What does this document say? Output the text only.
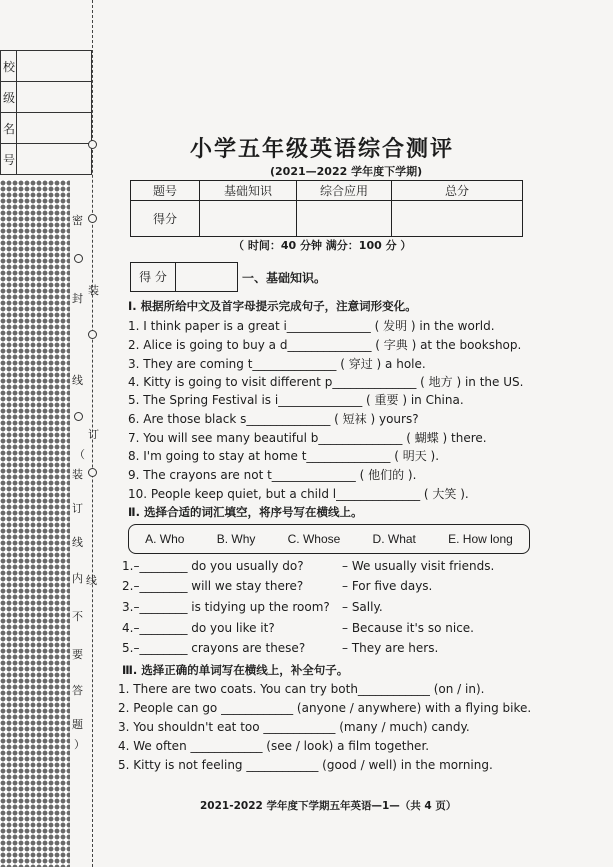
校	
级	
名	
号	
密
封
装
线
订
（
装
订
线
内 线
不
要
答
题
）
小学五年级英语综合测评
(2021—2022 学年度下学期)
题号	基础知识	综合应用	总分
得分			
（ 时间：40 分钟 满分：100 分 ）
得 分	一、基础知识。
Ⅰ. 根据所给中文及首字母提示完成句子，注意词形变化。
1. I think paper is a great i______________ ( 发明 ) in the world.
2. Alice is going to buy a d______________ ( 字典 ) at the bookshop.
3. They are coming t______________ ( 穿过 ) a hole.
4. Kitty is going to visit different p______________ ( 地方 ) in the US.
5. The Spring Festival is i______________ ( 重要 ) in China.
6. Are those black s______________ ( 短袜 ) yours?
7. You will see many beautiful b______________ ( 蝴蝶 ) there.
8. I'm going to stay at home t______________ ( 明天 ).
9. The crayons are not t______________ ( 他们的 ).
10. People keep quiet, but a child l______________ ( 大笑 ).
Ⅱ. 选择合适的词汇填空，将序号写在横线上。
A. Who	B. Why	C. Whose	D. What	E. How long
1.–________ do you usually do?	– We usually visit friends.
2.–________ will we stay there?	– For five days.
3.–________ is tidying up the room? – Sally.
4.–________ do you like it?	– Because it's so nice.
5.–________ crayons are these?	– They are hers.
Ⅲ. 选择正确的单词写在横线上，补全句子。
1. There are two coats. You can try both____________ (on / in).
2. People can go ____________ (anyone / anywhere) with a flying bike.
3. You shouldn't eat too ____________ (many / much) candy.
4. We often ____________ (see / look) a film together.
5. Kitty is not feeling ____________ (good / well) in the morning.
2021-2022 学年度下学期五年英语—1—（共 4 页）
